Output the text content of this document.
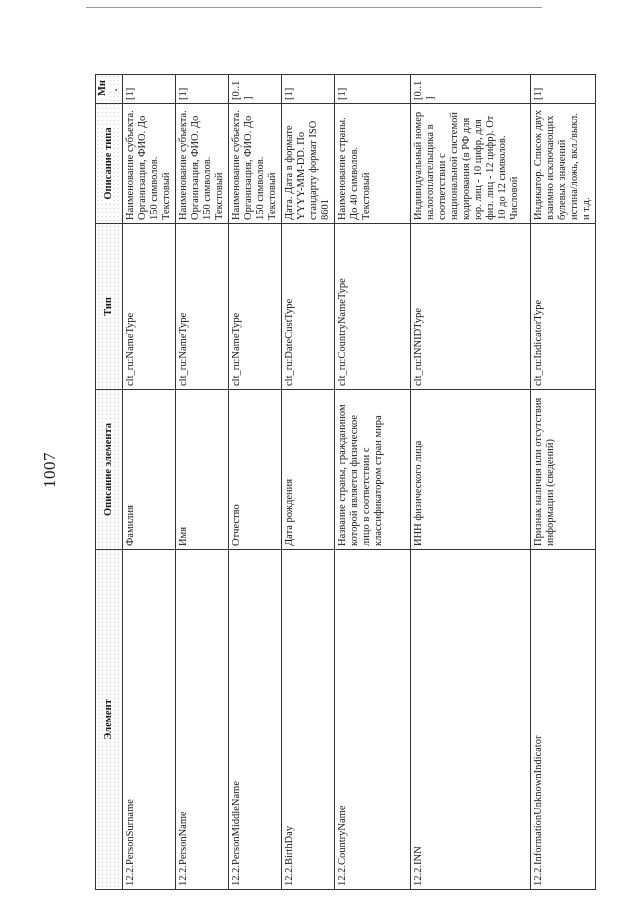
1007
Элемент	Описание элемента	Тип	Описание типа	Мн.
12.2.PersonSurname	Фамилия	clt_ru:NameType	Наименование субъекта. Организация, ФИО. До 150 символов. Текстовый	[1]
12.2.PersonName	Имя	clt_ru:NameType	Наименование субъекта. Организация, ФИО. До 150 символов. Текстовый	[1]
12.2.PersonMiddleName	Отчество	clt_ru:NameType	Наименование субъекта. Организация, ФИО. До 150 символов. Текстовый	[0..1]
12.2.BirthDay	Дата рождения	clt_ru:DateCustType	Дата. Дата в формате YYYY-MM-DD. По стандарту формат ISO 8601	[1]
12.2.CountryName	Название страны, гражданином которой является физическое лицо в соответствии с классификатором стран мира	clt_ru:CountryNameType	Наименование страны. До 40 символов. Текстовый	[1]
12.2.INN	ИНН физического лица	clt_ru:INNIDType	Индивидуальный номер налогоплательщика в соответствии с национальной системой кодирования (в РФ для юр. лиц - 10 цифр, для физ. лиц - 12 цифр). От 10 до 12 символов. Числовой	[0..1]
12.2.InformationUnknownIndicator	Признак наличия или отсутствия информации (сведений)	clt_ru:IndicatorType	Индикатор. Список двух взаимно исключающих булевых значений истина/ложь, вкл./выкл. и т.д.	[1]
